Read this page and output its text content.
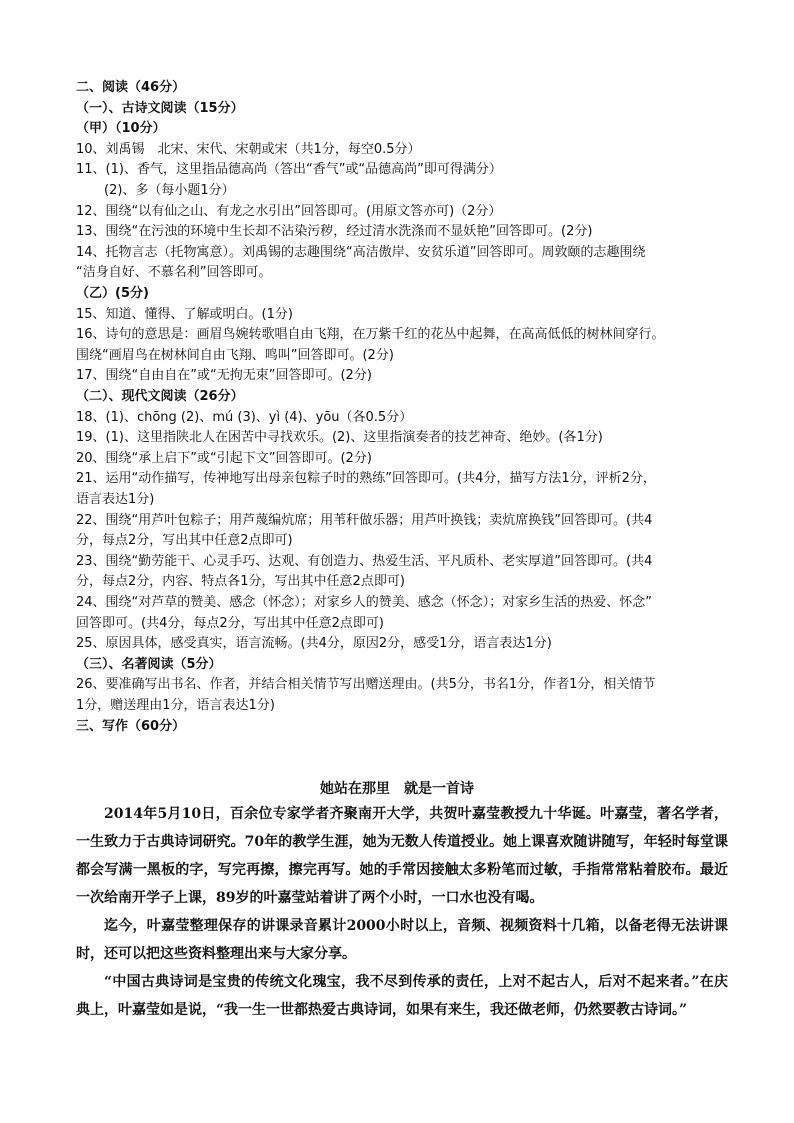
二、阅读（46分）
（一）、古诗文阅读（15分）
（甲）（10分）
10、刘禹锡　北宋、宋代、宋朝或宋（共1分，每空0.5分）
11、(1)、香气，这里指品德高尚（答出“香气”或“品德高尚”即可得满分）
(2)、多（每小题1分）
12、围绕“以有仙之山、有龙之水引出”回答即可。(用原文答亦可)（2分）
13、围绕“在污浊的环境中生长却不沾染污秽，经过清水洗涤而不显妖艳”回答即可。(2分)
14、托物言志（托物寓意）。刘禹锡的志趣围绕“高洁傲岸、安贫乐道”回答即可。周敦颐的志趣围绕
“洁身自好、不慕名利”回答即可。
（乙）(5分)
15、知道、懂得、了解或明白。(1分)
16、诗句的意思是：画眉鸟婉转歌唱自由飞翔，在万紫千红的花丛中起舞，在高高低低的树林间穿行。
围绕“画眉鸟在树林间自由飞翔、鸣叫”回答即可。(2分)
17、围绕“自由自在”或“无拘无束”回答即可。(2分)
（二）、现代文阅读（26分）
18、(1)、chōng (2)、mú (3)、yì (4)、yōu（各0.5分）
19、(1)、这里指陕北人在困苦中寻找欢乐。(2)、这里指演奏者的技艺神奇、绝妙。(各1分)
20、围绕“承上启下”或“引起下文”回答即可。(2分)
21、运用“动作描写，传神地写出母亲包粽子时的熟练”回答即可。(共4分，描写方法1分，评析2分，
语言表达1分)
22、围绕“用芦叶包粽子；用芦蔑编炕席；用苇秆做乐器；用芦叶换钱；卖炕席换钱”回答即可。(共4
分，每点2分，写出其中任意2点即可)
23、围绕“勤劳能干、心灵手巧、达观、有创造力、热爱生活、平凡质朴、老实厚道”回答即可。(共4
分，每点2分，内容、特点各1分，写出其中任意2点即可)
24、围绕“对芦草的赞美、感念（怀念）；对家乡人的赞美、感念（怀念）；对家乡生活的热爱、怀念”
回答即可。(共4分，每点2分，写出其中任意2点即可)
25、原因具体，感受真实，语言流畅。(共4分，原因2分，感受1分，语言表达1分)
（三）、名著阅读（5分）
26、要准确写出书名、作者，并结合相关情节写出赠送理由。(共5分，书名1分，作者1分，相关情节
1分，赠送理由1分，语言表达1分)
三、写作（60分）
她站在那里　就是一首诗

2014年5月10日，百余位专家学者齐聚南开大学，共贺叶嘉莹教授九十华诞。叶嘉莹，著名学者，一生致力于古典诗词研究。70年的教学生涯，她为无数人传道授业。她上课喜欢随讲随写，年轻时每堂课都会写满一黑板的字，写完再擦，擦完再写。她的手常因接触太多粉笔而过敏，手指常常粘着胶布。最近一次给南开学子上课，89岁的叶嘉莹站着讲了两个小时，一口水也没有喝。

迄今，叶嘉莹整理保存的讲课录音累计2000小时以上，音频、视频资料十几箱，以备老得无法讲课时，还可以把这些资料整理出来与大家分享。

“中国古典诗词是宝贵的传统文化瑰宝，我不尽到传承的责任，上对不起古人，后对不起来者。”在庆典上，叶嘉莹如是说，“我一生一世都热爱古典诗词，如果有来生，我还做老师，仍然要教古诗词。”
